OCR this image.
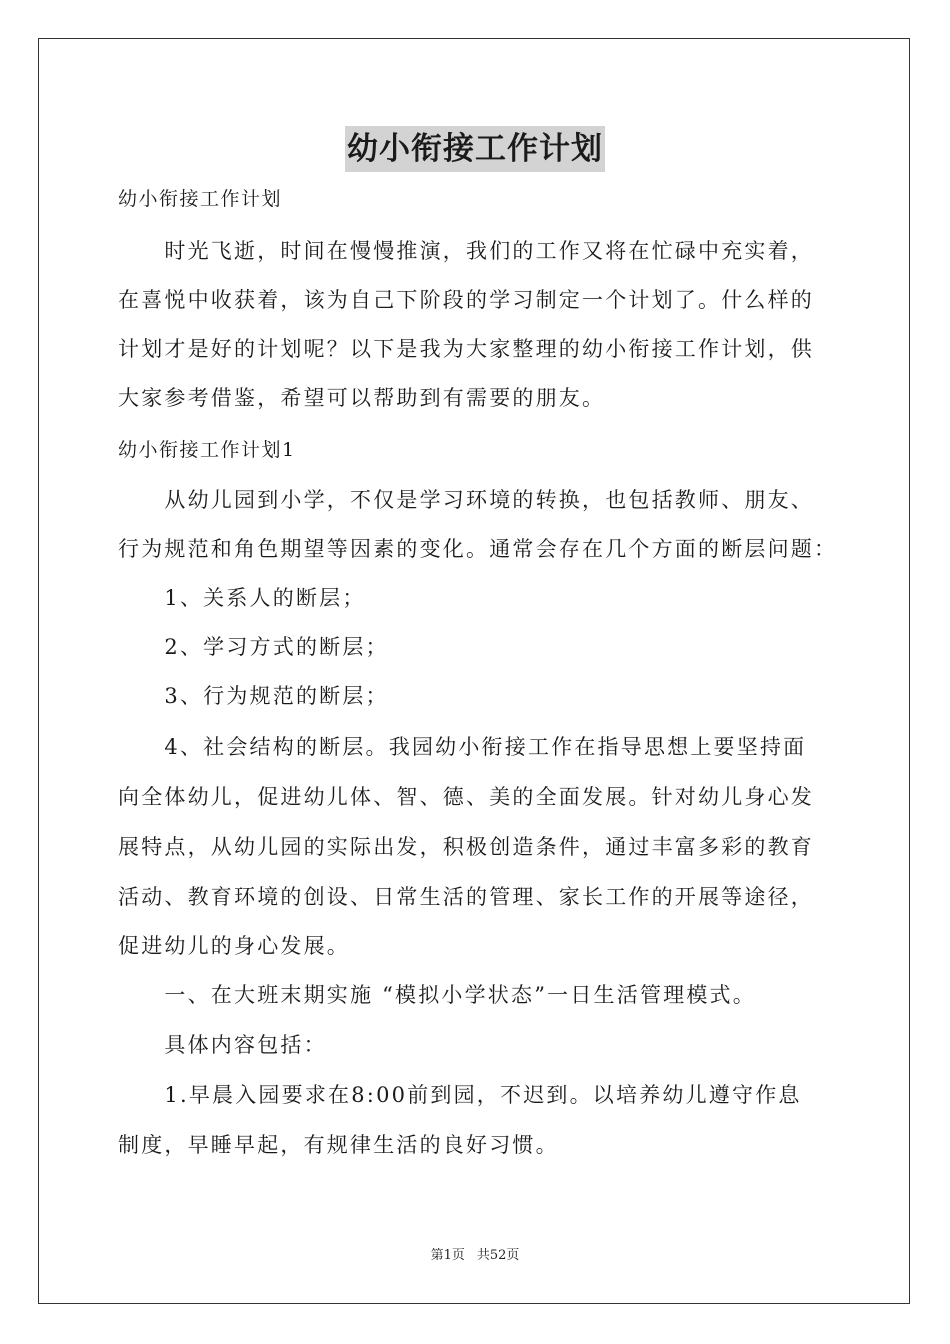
幼小衔接工作计划
幼小衔接工作计划
　　时光飞逝，时间在慢慢推演，我们的工作又将在忙碌中充实着，
在喜悦中收获着，该为自己下阶段的学习制定一个计划了。什么样的
计划才是好的计划呢？以下是我为大家整理的幼小衔接工作计划，供
大家参考借鉴，希望可以帮助到有需要的朋友。
幼小衔接工作计划1
　　从幼儿园到小学，不仅是学习环境的转换，也包括教师、朋友、
行为规范和角色期望等因素的变化。通常会存在几个方面的断层问题：
　　1、关系人的断层；
　　2、学习方式的断层；
　　3、行为规范的断层；
　　4、社会结构的断层。我园幼小衔接工作在指导思想上要坚持面
向全体幼儿，促进幼儿体、智、德、美的全面发展。针对幼儿身心发
展特点，从幼儿园的实际出发，积极创造条件，通过丰富多彩的教育
活动、教育环境的创设、日常生活的管理、家长工作的开展等途径，
促进幼儿的身心发展。
　　一、在大班末期实施 “模拟小学状态”一日生活管理模式。
　　具体内容包括：
　　1.早晨入园要求在8:00前到园，不迟到。以培养幼儿遵守作息
制度，早睡早起，有规律生活的良好习惯。
第1页 共52页
